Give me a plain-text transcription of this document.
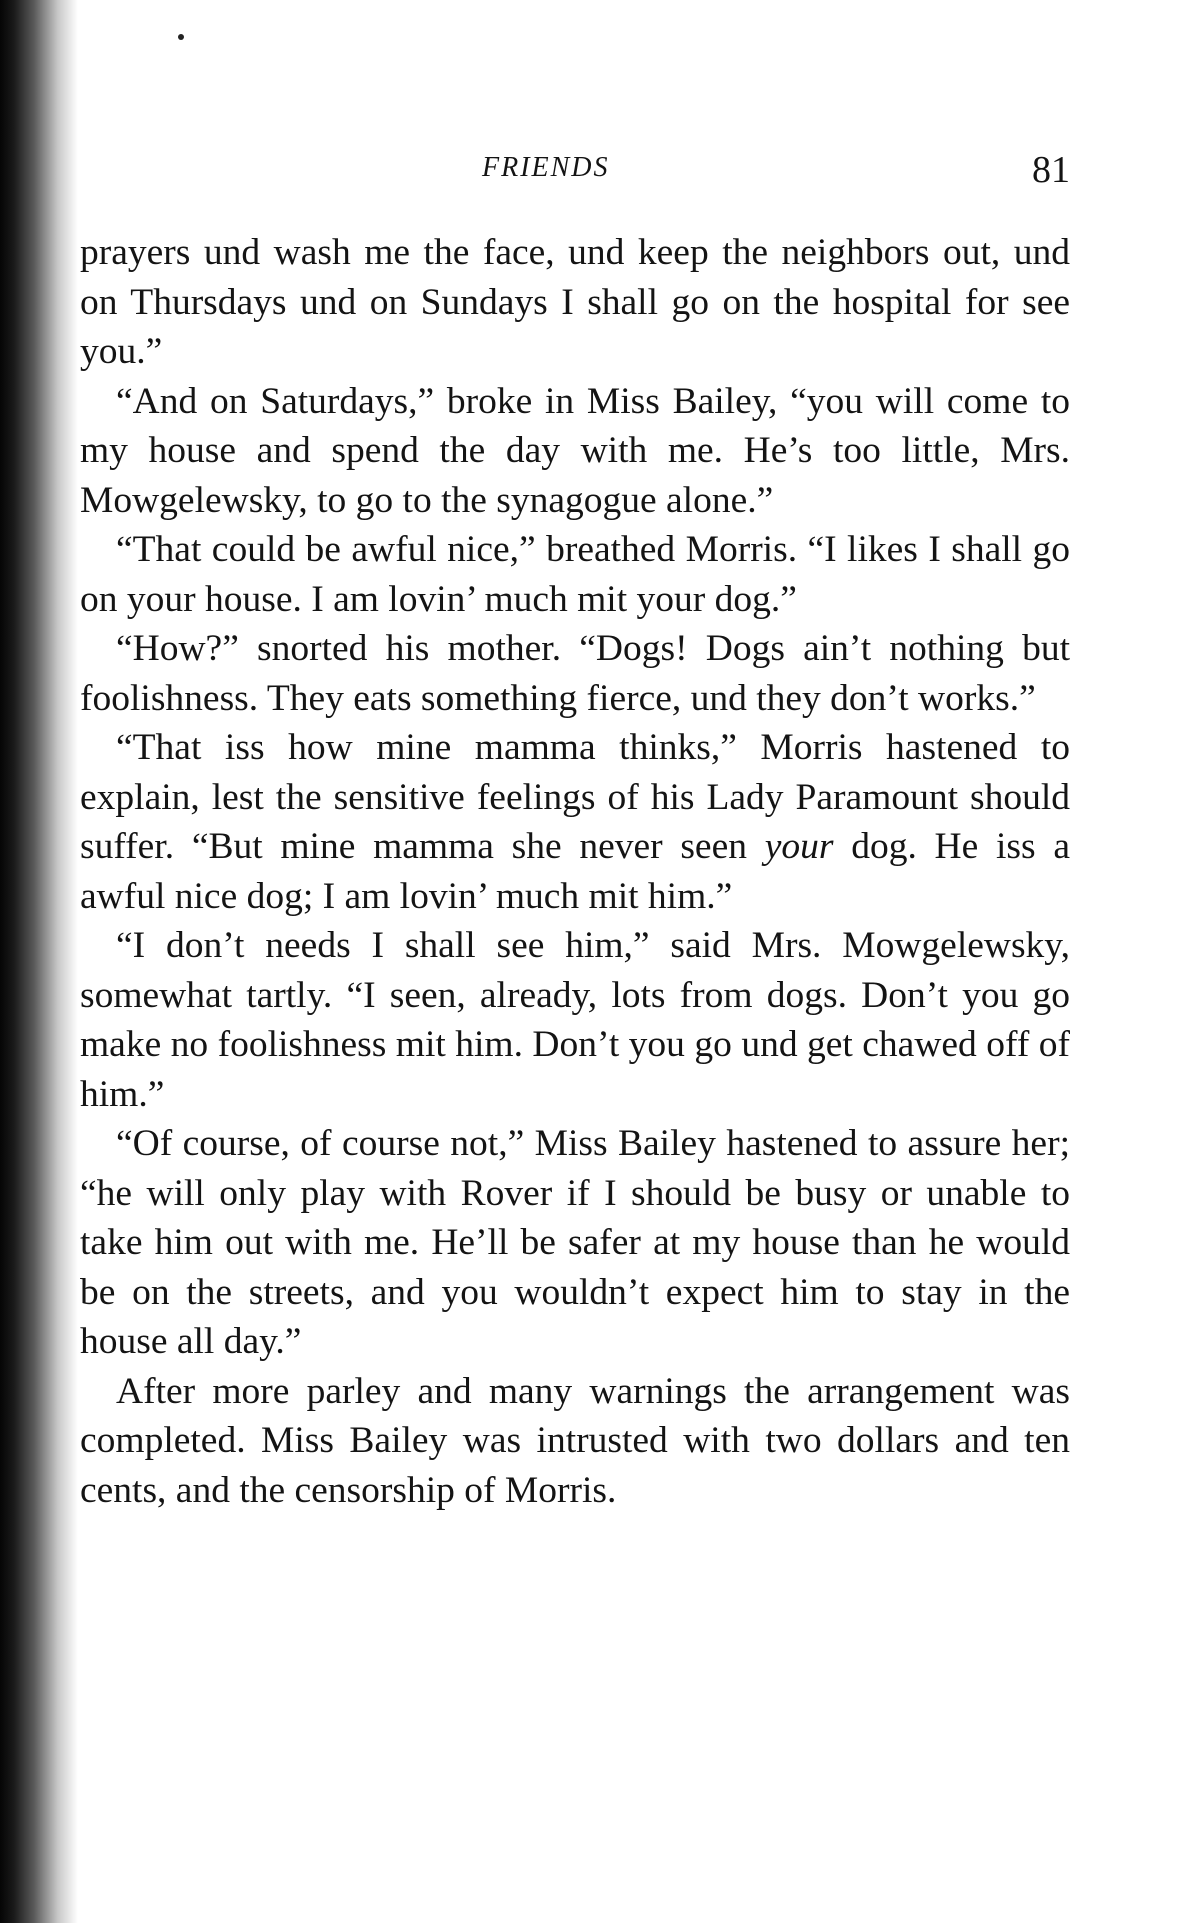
FRIENDS	81

prayers und wash me the face, und keep the neighbors out, und on Thursdays und on Sundays I shall go on the hospital for see you.”

“And on Saturdays,” broke in Miss Bailey, “you will come to my house and spend the day with me. He’s too little, Mrs. Mowgelewsky, to go to the synagogue alone.”

“That could be awful nice,” breathed Morris. “I likes I shall go on your house. I am lovin’ much mit your dog.”

“How?” snorted his mother. “Dogs! Dogs ain’t nothing but foolishness. They eats something fierce, und they don’t works.”

“That iss how mine mamma thinks,” Morris hastened to explain, lest the sensitive feelings of his Lady Paramount should suffer. “But mine mamma she never seen your dog. He iss a awful nice dog; I am lovin’ much mit him.”

“I don’t needs I shall see him,” said Mrs. Mowgelewsky, somewhat tartly. “I seen, already, lots from dogs. Don’t you go make no foolishness mit him. Don’t you go und get chawed off of him.”

“Of course, of course not,” Miss Bailey hastened to assure her; “he will only play with Rover if I should be busy or unable to take him out with me. He’ll be safer at my house than he would be on the streets, and you wouldn’t expect him to stay in the house all day.”

After more parley and many warnings the arrangement was completed. Miss Bailey was intrusted with two dollars and ten cents, and the censorship of Morris.
